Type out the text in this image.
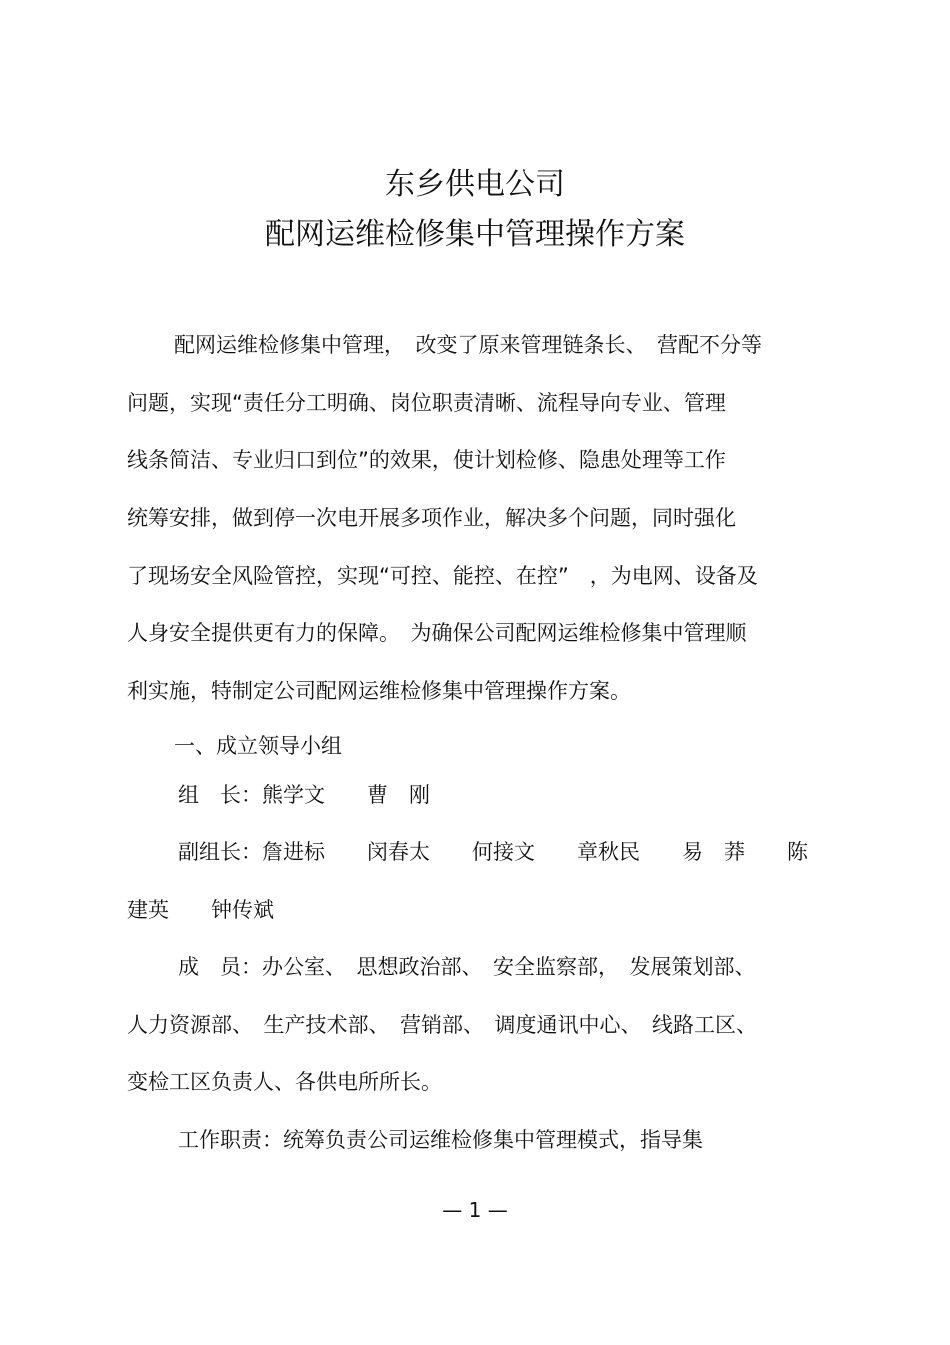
东乡供电公司
配网运维检修集中管理操作方案
配网运维检修集中管理，　改变了原来管理链条长、　营配不分等
问题，实现“责任分工明确、岗位职责清晰、流程导向专业、管理
线条简洁、专业归口到位”的效果，使计划检修、隐患处理等工作
统筹安排，做到停一次电开展多项作业，解决多个问题，同时强化
了现场安全风险管控，实现“可控、能控、在控”　，为电网、设备及
人身安全提供更有力的保障。　为确保公司配网运维检修集中管理顺
利实施，特制定公司配网运维检修集中管理操作方案。
一、成立领导小组
组　长：熊学文　　曹　刚
副组长：詹进标　　闵春太　　何接文　　章秋民　　易　莽　　陈
建英　　钟传斌
成　员：办公室、　思想政治部、　安全监察部，　发展策划部、
人力资源部、　生产技术部、　营销部、　调度通讯中心、　线路工区、
变检工区负责人、各供电所所长。
工作职责：统筹负责公司运维检修集中管理模式，指导集
— 1 —
